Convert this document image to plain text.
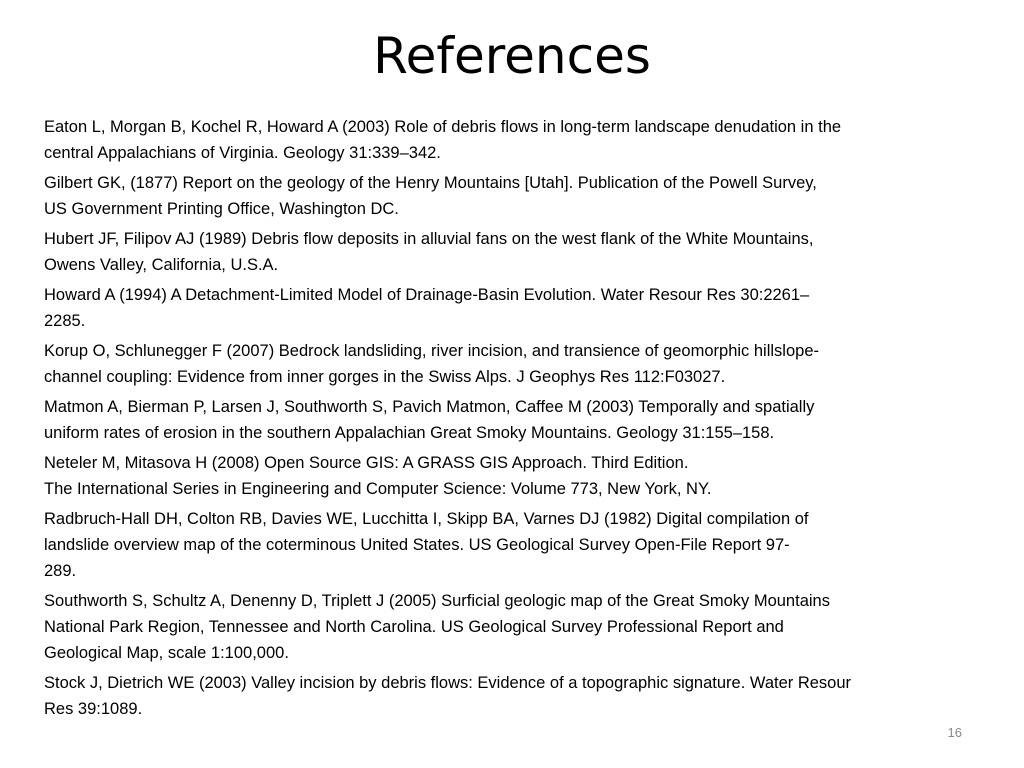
References
Eaton L, Morgan B, Kochel R, Howard A (2003) Role of debris flows in long-term landscape denudation in the
central Appalachians of Virginia. Geology 31:339–342.
Gilbert GK, (1877) Report on the geology of the Henry Mountains [Utah]. Publication of the Powell Survey,
US Government Printing Office, Washington DC.
Hubert JF, Filipov AJ (1989) Debris flow deposits in alluvial fans on the west flank of the White Mountains,
Owens Valley, California, U.S.A.
Howard A (1994) A Detachment-Limited Model of Drainage-Basin Evolution. Water Resour Res 30:2261–
2285.
Korup O, Schlunegger F (2007) Bedrock landsliding, river incision, and transience of geomorphic hillslope-
channel coupling: Evidence from inner gorges in the Swiss Alps. J Geophys Res 112:F03027.
Matmon A, Bierman P, Larsen J, Southworth S, Pavich Matmon, Caffee M (2003) Temporally and spatially
uniform rates of erosion in the southern Appalachian Great Smoky Mountains. Geology 31:155–158.
Neteler M, Mitasova H (2008) Open Source GIS: A GRASS GIS Approach. Third Edition.
The International Series in Engineering and Computer Science: Volume 773, New York, NY.
Radbruch-Hall DH, Colton RB, Davies WE, Lucchitta I, Skipp BA, Varnes DJ (1982) Digital compilation of
landslide overview map of the coterminous United States. US Geological Survey Open-File Report 97-
289.
Southworth S, Schultz A, Denenny D, Triplett J (2005) Surficial geologic map of the Great Smoky Mountains
National Park Region, Tennessee and North Carolina. US Geological Survey Professional Report and
Geological Map, scale 1:100,000.
Stock J, Dietrich WE (2003) Valley incision by debris flows: Evidence of a topographic signature. Water Resour
Res 39:1089.
16
